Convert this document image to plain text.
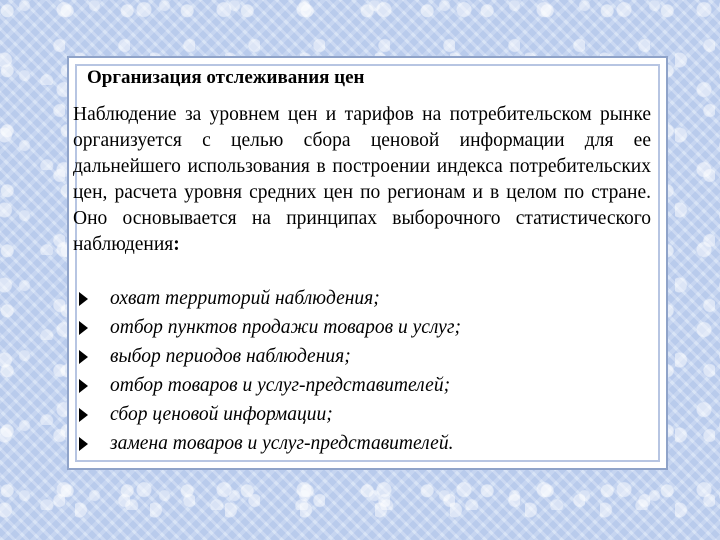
Организация отслеживания цен
Наблюдение за уровнем цен и тарифов на потребительском рынке организуется с целью сбора ценовой информации для ее дальнейшего использования в построении индекса потребительских цен, расчета уровня средних цен по регионам и в целом по стране. Оно основывается на принципах выборочного статистического наблюдения:
охват территорий наблюдения;
отбор пунктов продажи товаров и услуг;
выбор периодов наблюдения;
отбор товаров и услуг-представителей;
сбор ценовой информации;
замена товаров и услуг-представителей.
